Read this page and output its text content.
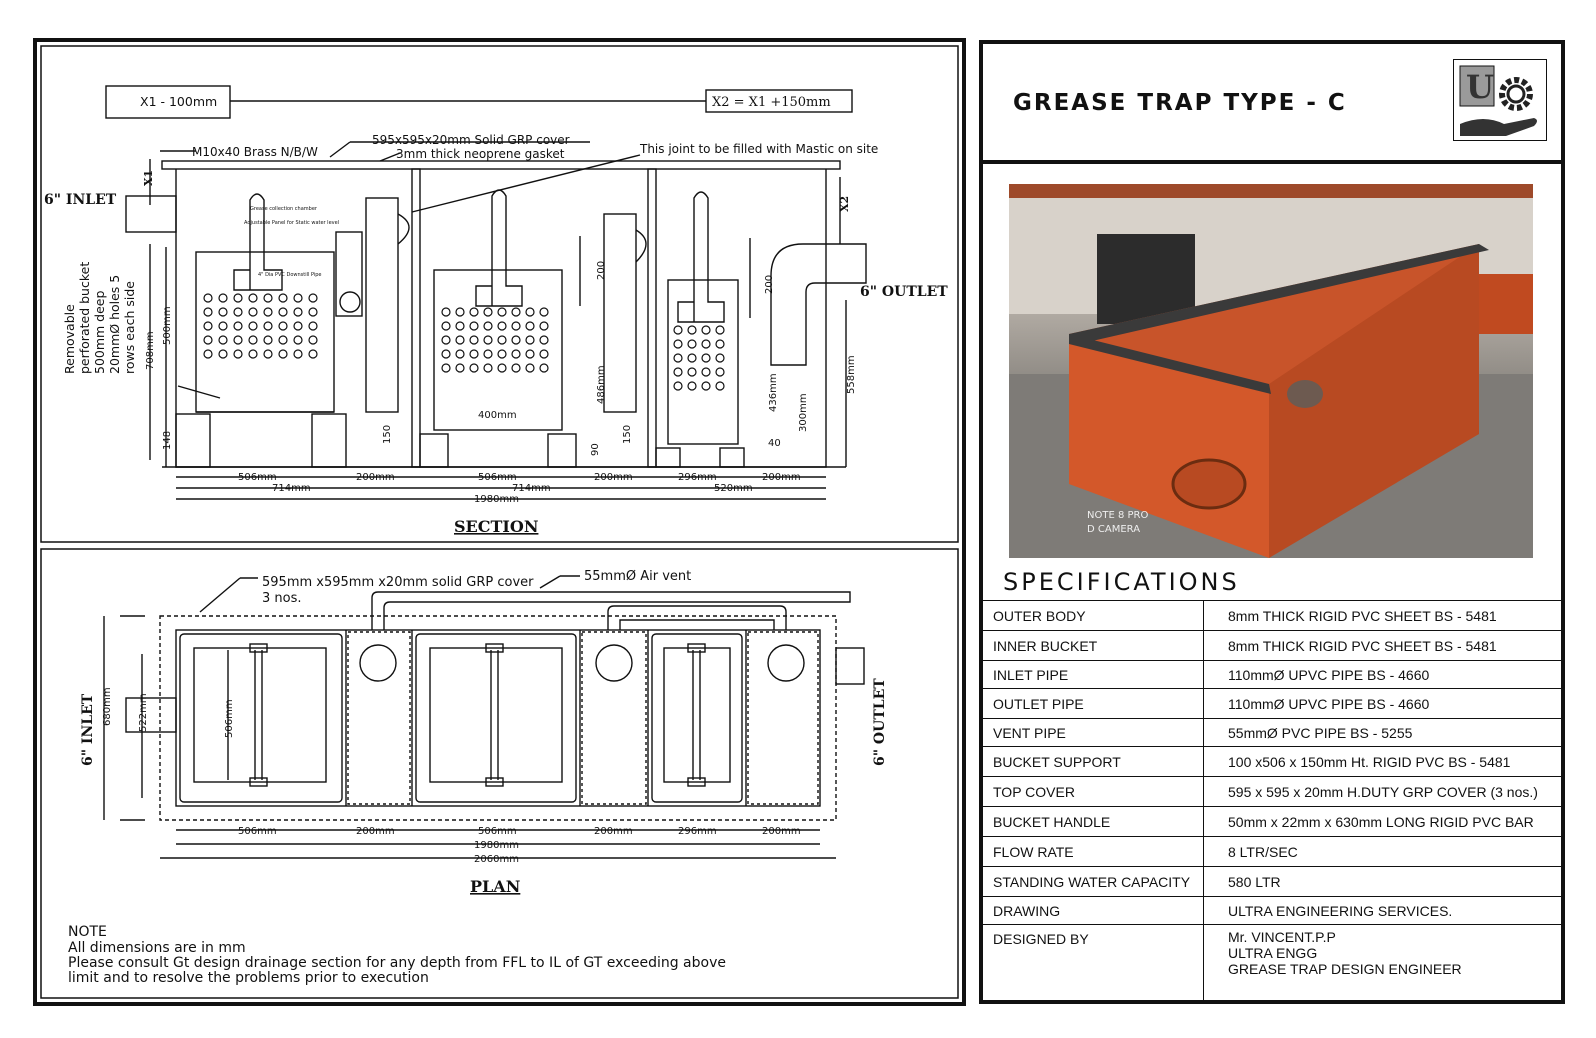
X1 - 100mm	X2 = X1 +150mm
M10x40 Brass N/B/W
595x595x20mm Solid GRP cover
3mm thick neoprene gasket	This joint to be filled with Mastic on site
6" INLET
6" OUTLET
Grease collection chamber
Adjustable Panel for Static water level
4" Dia PVC Downstill Pipe
X1
X2
Removable perforated bucket 500mm deep 20mmØ holes 5 rows each side 708mm
500mm
148	150	150
200
200
486mm
90
436mm
300mm
40
558mm
400mm
506mm	200mm	506mm	200mm	296mm	200mm
714mm	714mm	520mm
1980mm
SECTION
595mm x595mm x20mm solid GRP cover
3 nos.
55mmØ Air vent
6" INLET	6" OUTLET
680mm	522mm	506mm
506mm	200mm	506mm	200mm	296mm	200mm
1980mm
2060mm
PLAN
NOTE
All dimensions are in mm
Please consult Gt design drainage section for any depth from FFL to IL of GT exceeding above
limit and to resolve the problems prior to execution
GREASE TRAP TYPE - C	U
NOTE 8 PRO
D CAMERA
SPECIFICATIONS
OUTER BODY	8mm THICK RIGID PVC SHEET BS - 5481
INNER BUCKET	8mm THICK RIGID PVC SHEET BS - 5481
INLET PIPE	110mmØ UPVC PIPE BS - 4660
OUTLET PIPE	110mmØ UPVC PIPE BS - 4660
VENT PIPE	55mmØ PVC PIPE BS - 5255
BUCKET SUPPORT	100 x506 x 150mm Ht. RIGID PVC BS - 5481
TOP COVER	595 x 595 x 20mm H.DUTY GRP COVER (3 nos.)
BUCKET HANDLE	50mm x 22mm x 630mm LONG RIGID PVC BAR
FLOW RATE	8 LTR/SEC
STANDING WATER CAPACITY	580 LTR
DRAWING	ULTRA ENGINEERING SERVICES.
DESIGNED BY	Mr. VINCENT.P.P
ULTRA ENGG
GREASE TRAP DESIGN ENGINEER
